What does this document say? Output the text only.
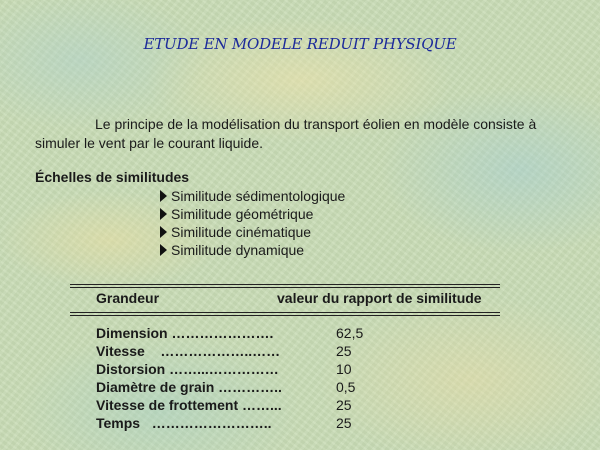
ETUDE EN MODELE REDUIT PHYSIQUE

Le principe de la modélisation du transport éolien en modèle consiste à simuler le vent par le courant liquide.

Échelles de similitudes
Similitude sédimentologique
Similitude géométrique
Similitude cinématique
Similitude dynamique
Grandeur	valeur du rapport de similitude
Dimension ………………….	62,5
Vitesse    ………………..……	25
Distorsion ……...……………	10
Diamètre de grain …………..	0,5
Vitesse de frottement ……...	25
Temps   ……………………..	25
